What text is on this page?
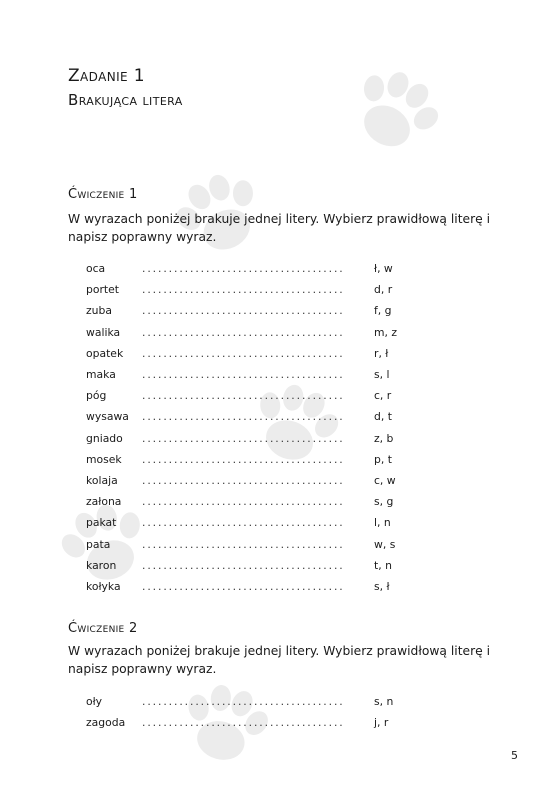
Zadanie 1
Brakująca litera
Ćwiczenie 1
W wyrazach poniżej brakuje jednej litery. Wybierz prawidłową literę i napisz poprawny wyraz.
oca	......................................	ł, w
portet ......................................	d, r
zuba	......................................	f, g
walika ......................................	m, z
opatek ......................................	r, ł
maka ......................................	s, l
póg	......................................	c, r
wysawa ......................................	d, t
gniado ......................................	z, b
mosek ......................................	p, t
kolaja ......................................	c, w
załona ......................................	s, g
pakat ......................................	l, n
pata	......................................	w, s
karon ......................................	t, n
kołyka ......................................	s, ł
Ćwiczenie 2
W wyrazach poniżej brakuje jednej litery. Wybierz prawidłową literę i napisz poprawny wyraz.
oły	......................................	s, n
zagoda ......................................	j, r
5
